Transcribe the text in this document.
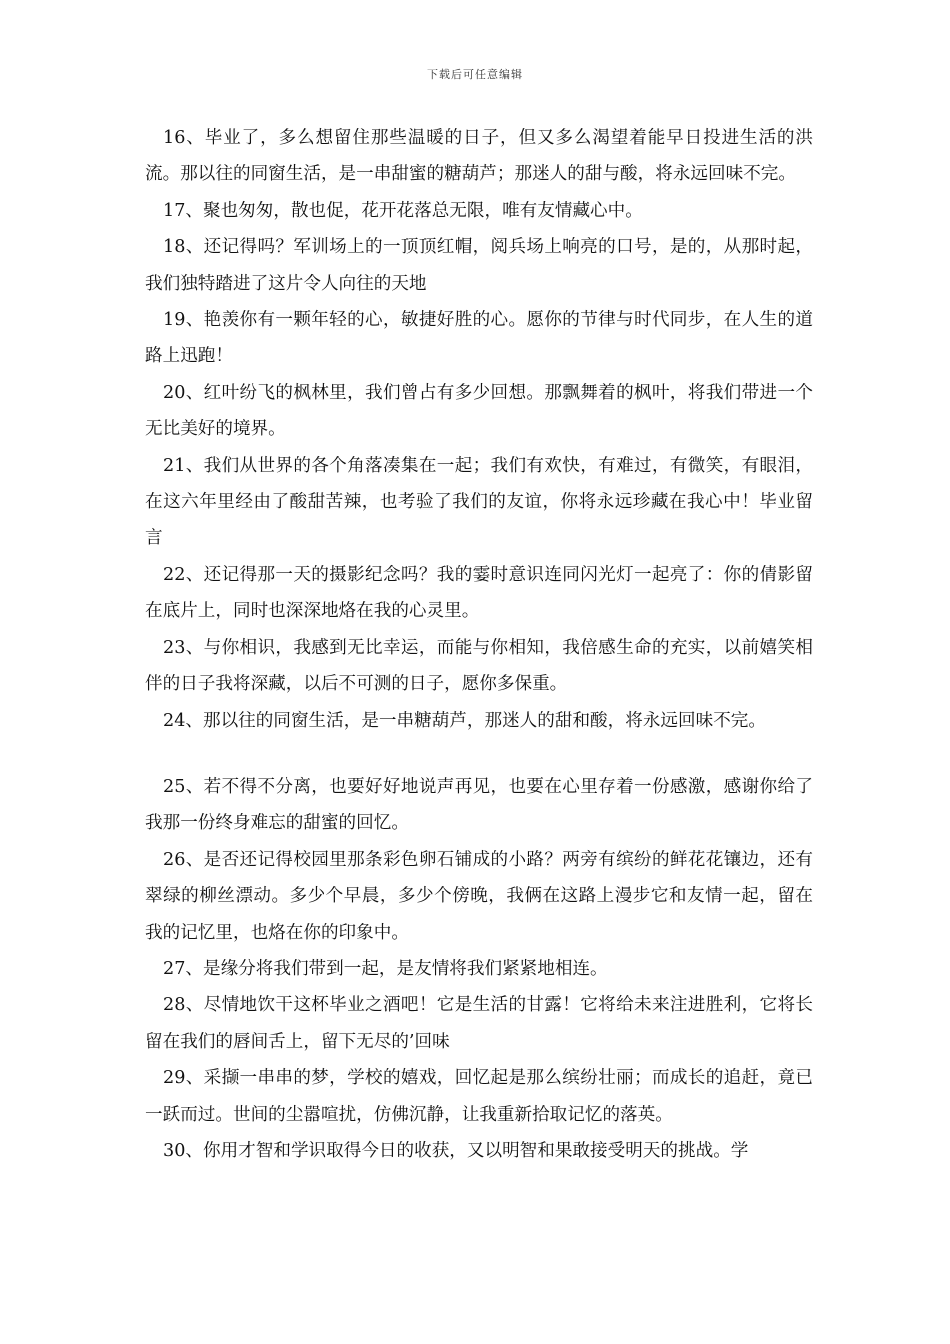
下载后可任意编辑

16、毕业了，多么想留住那些温暖的日子，但又多么渴望着能早日投进生活的洪流。那以往的同窗生活，是一串甜蜜的糖葫芦；那迷人的甜与酸，将永远回味不完。

17、聚也匆匆，散也促，花开花落总无限，唯有友情藏心中。

18、还记得吗？军训场上的一顶顶红帽，阅兵场上响亮的口号，是的，从那时起，我们独特踏进了这片令人向往的天地

19、艳羡你有一颗年轻的心，敏捷好胜的心。愿你的节律与时代同步，在人生的道路上迅跑！

20、红叶纷飞的枫林里，我们曾占有多少回想。那飘舞着的枫叶，将我们带进一个无比美好的境界。

21、我们从世界的各个角落凑集在一起；我们有欢快，有难过，有微笑，有眼泪，在这六年里经由了酸甜苦辣，也考验了我们的友谊，你将永远珍藏在我心中！毕业留言

22、还记得那一天的摄影纪念吗？我的霎时意识连同闪光灯一起亮了：你的倩影留在底片上，同时也深深地烙在我的心灵里。

23、与你相识，我感到无比幸运，而能与你相知，我倍感生命的充实，以前嬉笑相伴的日子我将深藏，以后不可测的日子，愿你多保重。

24、那以往的同窗生活，是一串糖葫芦，那迷人的甜和酸，将永远回味不完。

25、若不得不分离，也要好好地说声再见，也要在心里存着一份感激，感谢你给了我那一份终身难忘的甜蜜的回忆。

26、是否还记得校园里那条彩色卵石铺成的小路？两旁有缤纷的鲜花花镶边，还有翠绿的柳丝漂动。多少个早晨，多少个傍晚，我俩在这路上漫步它和友情一起，留在我的记忆里，也烙在你的印象中。

27、是缘分将我们带到一起，是友情将我们紧紧地相连。

28、尽情地饮干这杯毕业之酒吧！它是生活的甘露！它将给未来注进胜利，它将长留在我们的唇间舌上，留下无尽的’回味

29、采撷一串串的梦，学校的嬉戏，回忆起是那么缤纷壮丽；而成长的追赶，竟已一跃而过。世间的尘嚣喧扰，仿佛沉静，让我重新拾取记忆的落英。

30、你用才智和学识取得今日的收获，又以明智和果敢接受明天的挑战。学
